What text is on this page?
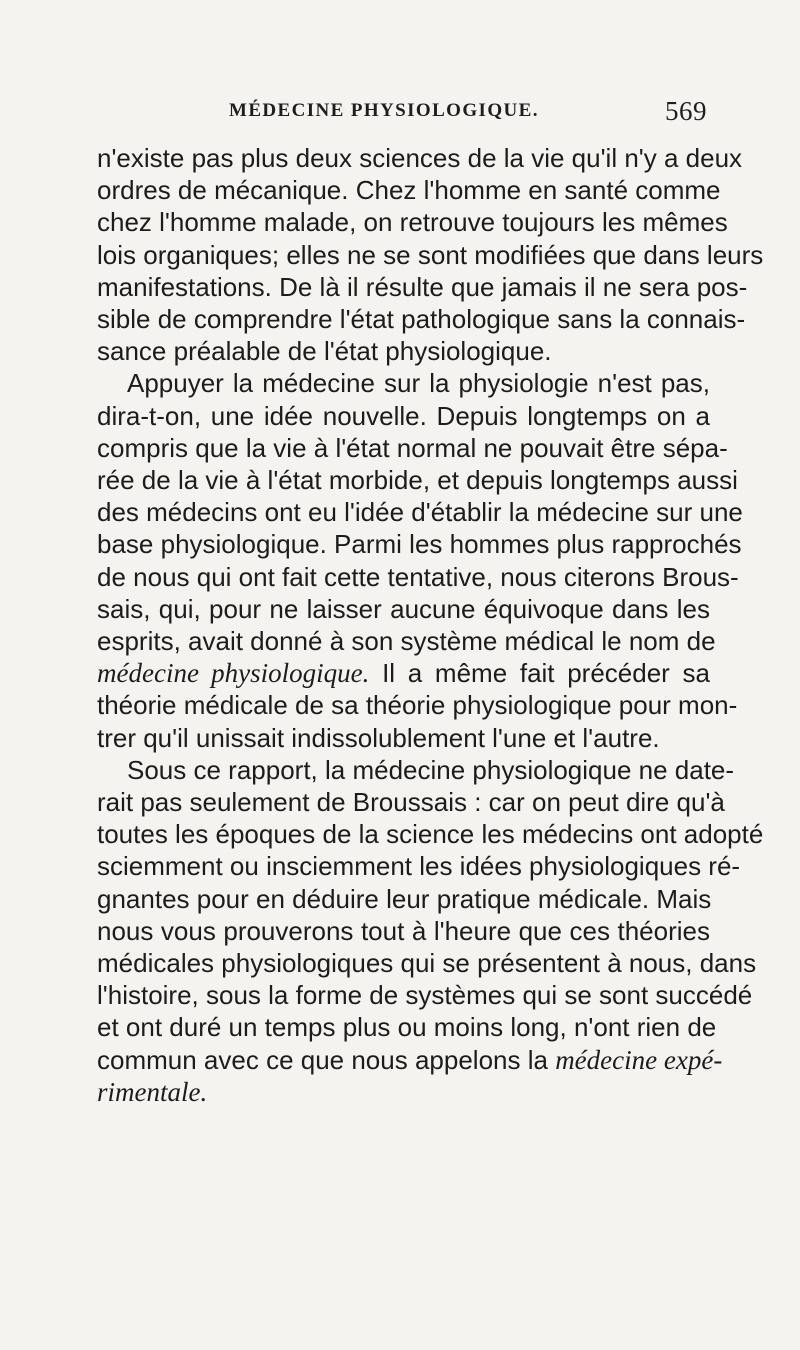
MÉDECINE PHYSIOLOGIQUE.	569
n'existe pas plus deux sciences de la vie qu'il n'y a deux
ordres de mécanique. Chez l'homme en santé comme
chez l'homme malade, on retrouve toujours les mêmes
lois organiques; elles ne se sont modifiées que dans leurs
manifestations. De là il résulte que jamais il ne sera pos-
sible de comprendre l'état pathologique sans la connais-
sance préalable de l'état physiologique.
Appuyer la médecine sur la physiologie n'est pas,
dira-t-on, une idée nouvelle. Depuis longtemps on a
compris que la vie à l'état normal ne pouvait être sépa-
rée de la vie à l'état morbide, et depuis longtemps aussi
des médecins ont eu l'idée d'établir la médecine sur une
base physiologique. Parmi les hommes plus rapprochés
de nous qui ont fait cette tentative, nous citerons Brous-
sais, qui, pour ne laisser aucune équivoque dans les
esprits, avait donné à son système médical le nom de
médecine physiologique. Il a même fait précéder sa
théorie médicale de sa théorie physiologique pour mon-
trer qu'il unissait indissolublement l'une et l'autre.
Sous ce rapport, la médecine physiologique ne date-
rait pas seulement de Broussais : car on peut dire qu'à
toutes les époques de la science les médecins ont adopté
sciemment ou insciemment les idées physiologiques ré-
gnantes pour en déduire leur pratique médicale. Mais
nous vous prouverons tout à l'heure que ces théories
médicales physiologiques qui se présentent à nous, dans
l'histoire, sous la forme de systèmes qui se sont succédé
et ont duré un temps plus ou moins long, n'ont rien de
commun avec ce que nous appelons la médecine expé-
rimentale.
